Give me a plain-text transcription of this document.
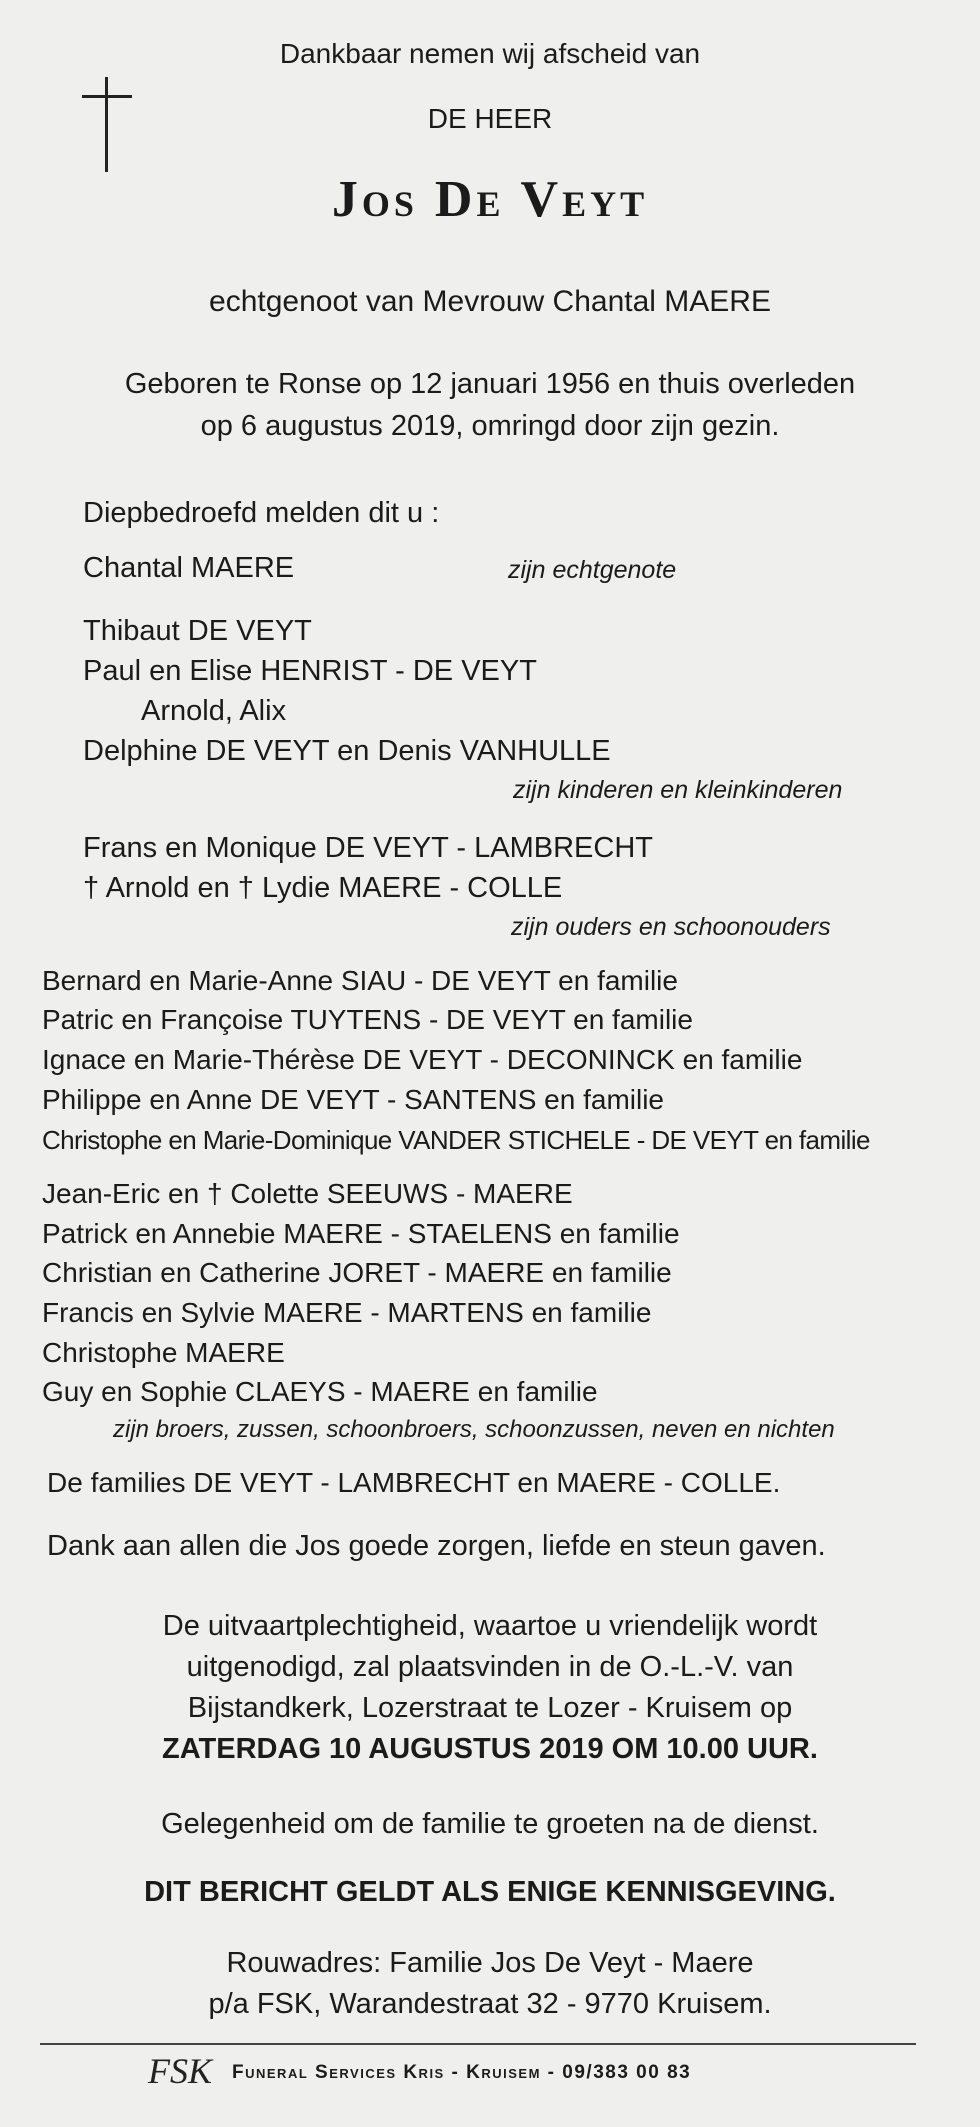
Dankbaar nemen wij afscheid van
DE HEER
Jos De Veyt
echtgenoot van Mevrouw Chantal MAERE
Geboren te Ronse op 12 januari 1956 en thuis overleden
op 6 augustus 2019, omringd door zijn gezin.
Diepbedroefd melden dit u :
Chantal MAERE	zijn echtgenote
Thibaut DE VEYT
Paul en Elise HENRIST - DE VEYT
Arnold, Alix
Delphine DE VEYT en Denis VANHULLE
zijn kinderen en kleinkinderen
Frans en Monique DE VEYT - LAMBRECHT
† Arnold en † Lydie MAERE - COLLE
zijn ouders en schoonouders
Bernard en Marie-Anne SIAU - DE VEYT en familie
Patric en Françoise TUYTENS - DE VEYT en familie
Ignace en Marie-Thérèse DE VEYT - DECONINCK en familie
Philippe en Anne DE VEYT - SANTENS en familie
Christophe en Marie-Dominique VANDER STICHELE - DE VEYT en familie
Jean-Eric en † Colette SEEUWS - MAERE
Patrick en Annebie MAERE - STAELENS en familie
Christian en Catherine JORET - MAERE en familie
Francis en Sylvie MAERE - MARTENS en familie
Christophe MAERE
Guy en Sophie CLAEYS - MAERE en familie
zijn broers, zussen, schoonbroers, schoonzussen, neven en nichten
De families DE VEYT - LAMBRECHT en MAERE - COLLE.
Dank aan allen die Jos goede zorgen, liefde en steun gaven.
De uitvaartplechtigheid, waartoe u vriendelijk wordt
uitgenodigd, zal plaatsvinden in de O.-L.-V. van
Bijstandkerk, Lozerstraat te Lozer - Kruisem op
ZATERDAG 10 AUGUSTUS 2019 OM 10.00 UUR.
Gelegenheid om de familie te groeten na de dienst.
DIT BERICHT GELDT ALS ENIGE KENNISGEVING.
Rouwadres: Familie Jos De Veyt - Maere
p/a FSK, Warandestraat 32 - 9770 Kruisem.
FSK Funeral Services Kris - Kruisem - 09/383 00 83
